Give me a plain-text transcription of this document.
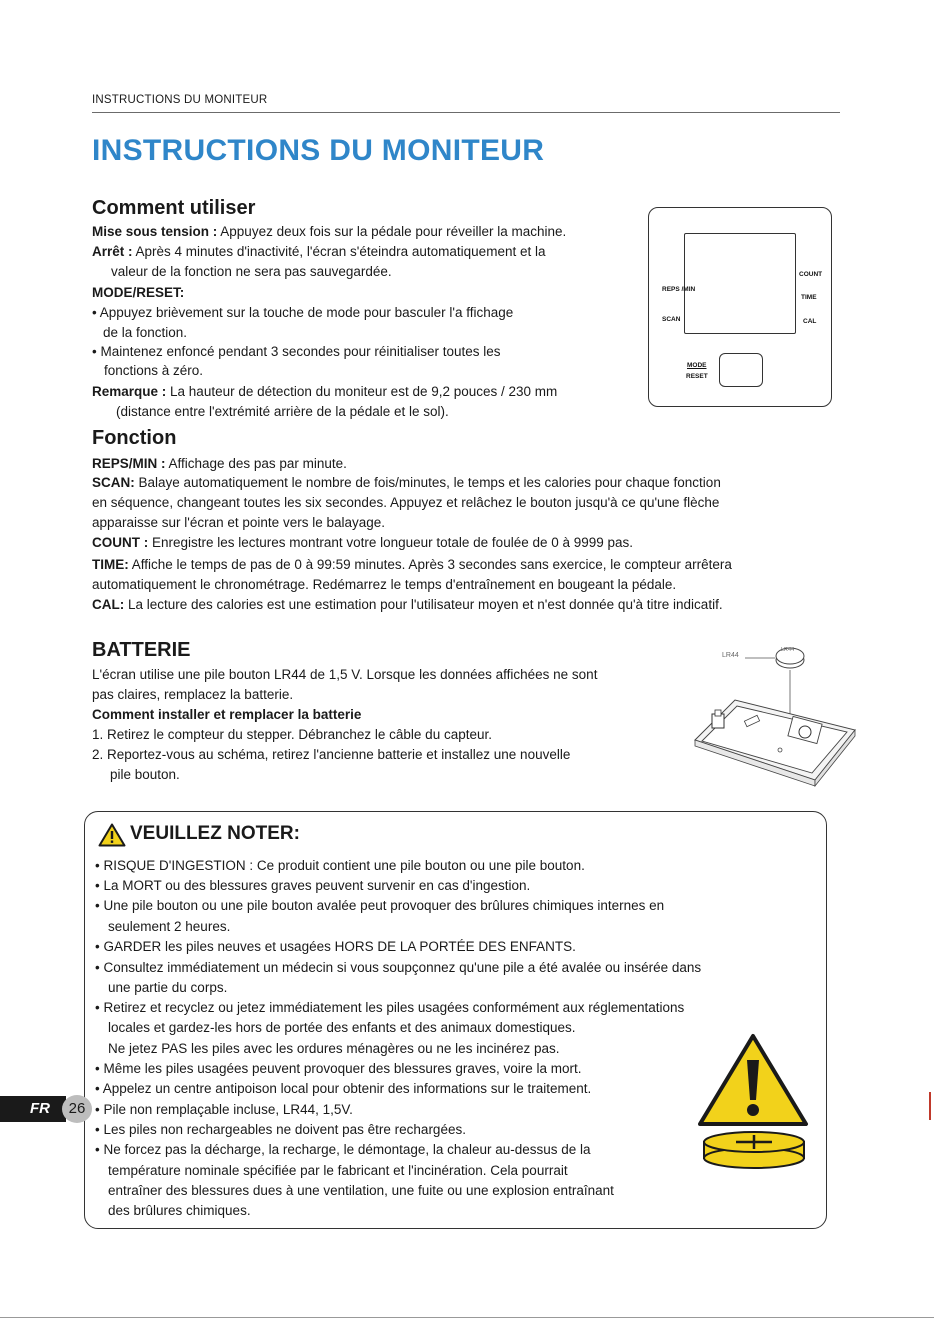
INSTRUCTIONS DU MONITEUR
INSTRUCTIONS DU MONITEUR
Comment utiliser
Mise sous tension : Appuyez deux fois sur la pédale pour réveiller la machine.
Arrêt : Après 4 minutes d'inactivité, l'écran s'éteindra automatiquement et la
valeur de la fonction ne sera pas sauvegardée.
MODE/RESET:
• Appuyez brièvement sur la touche de mode pour basculer l'a ffichage
de la fonction.
• Maintenez enfoncé pendant 3 secondes pour réinitialiser toutes les
fonctions à zéro.
Remarque : La hauteur de détection du moniteur est de 9,2 pouces / 230 mm
(distance entre l'extrémité arrière de la pédale et le sol).
REPS /MIN
SCAN
COUNT
TIME
CAL
MODE
RESET
Fonction
REPS/MIN : Affichage des pas par minute.
SCAN: Balaye automatiquement le nombre de fois/minutes, le temps et les calories pour chaque fonction
en séquence, changeant toutes les six secondes. Appuyez et relâchez le bouton jusqu'à ce qu'une flèche
apparaisse sur l'écran et pointe vers le balayage.
COUNT : Enregistre les lectures montrant votre longueur totale de foulée de 0 à 9999 pas.
TIME: Affiche le temps de pas de 0 à 99:59 minutes. Après 3 secondes sans exercice, le compteur arrêtera
automatiquement le chronométrage. Redémarrez le temps d'entraînement en bougeant la pédale.
CAL: La lecture des calories est une estimation pour l'utilisateur moyen et n'est donnée qu'à titre indicatif.
BATTERIE
L'écran utilise une pile bouton LR44 de 1,5 V. Lorsque les données affichées ne sont
pas claires, remplacez la batterie.
Comment installer et remplacer la batterie
1. Retirez le compteur du stepper. Débranchez le câble du capteur.
2. Reportez-vous au schéma, retirez l'ancienne batterie et installez une nouvelle
pile bouton.
LR44
LR44
VEUILLEZ NOTER:
• RISQUE D'INGESTION : Ce produit contient une pile bouton ou une pile bouton.
• La MORT ou des blessures graves peuvent survenir en cas d'ingestion.
• Une pile bouton ou une pile bouton avalée peut provoquer des brûlures chimiques internes en
seulement 2 heures.
• GARDER les piles neuves et usagées HORS DE LA PORTÉE DES ENFANTS.
• Consultez immédiatement un médecin si vous soupçonnez qu'une pile a été avalée ou insérée dans
une partie du corps.
• Retirez et recyclez ou jetez immédiatement les piles usagées conformément aux réglementations
locales et gardez-les hors de portée des enfants et des animaux domestiques.
Ne jetez PAS les piles avec les ordures ménagères ou ne les incinérez pas.
• Même les piles usagées peuvent provoquer des blessures graves, voire la mort.
• Appelez un centre antipoison local pour obtenir des informations sur le traitement.
• Pile non remplaçable incluse, LR44, 1,5V.
• Les piles non rechargeables ne doivent pas être rechargées.
• Ne forcez pas la décharge, la recharge, le démontage, la chaleur au-dessus de la
température nominale spécifiée par le fabricant et l'incinération. Cela pourrait
entraîner des blessures dues à une ventilation, une fuite ou une explosion entraînant
des brûlures chimiques.
FR	26
